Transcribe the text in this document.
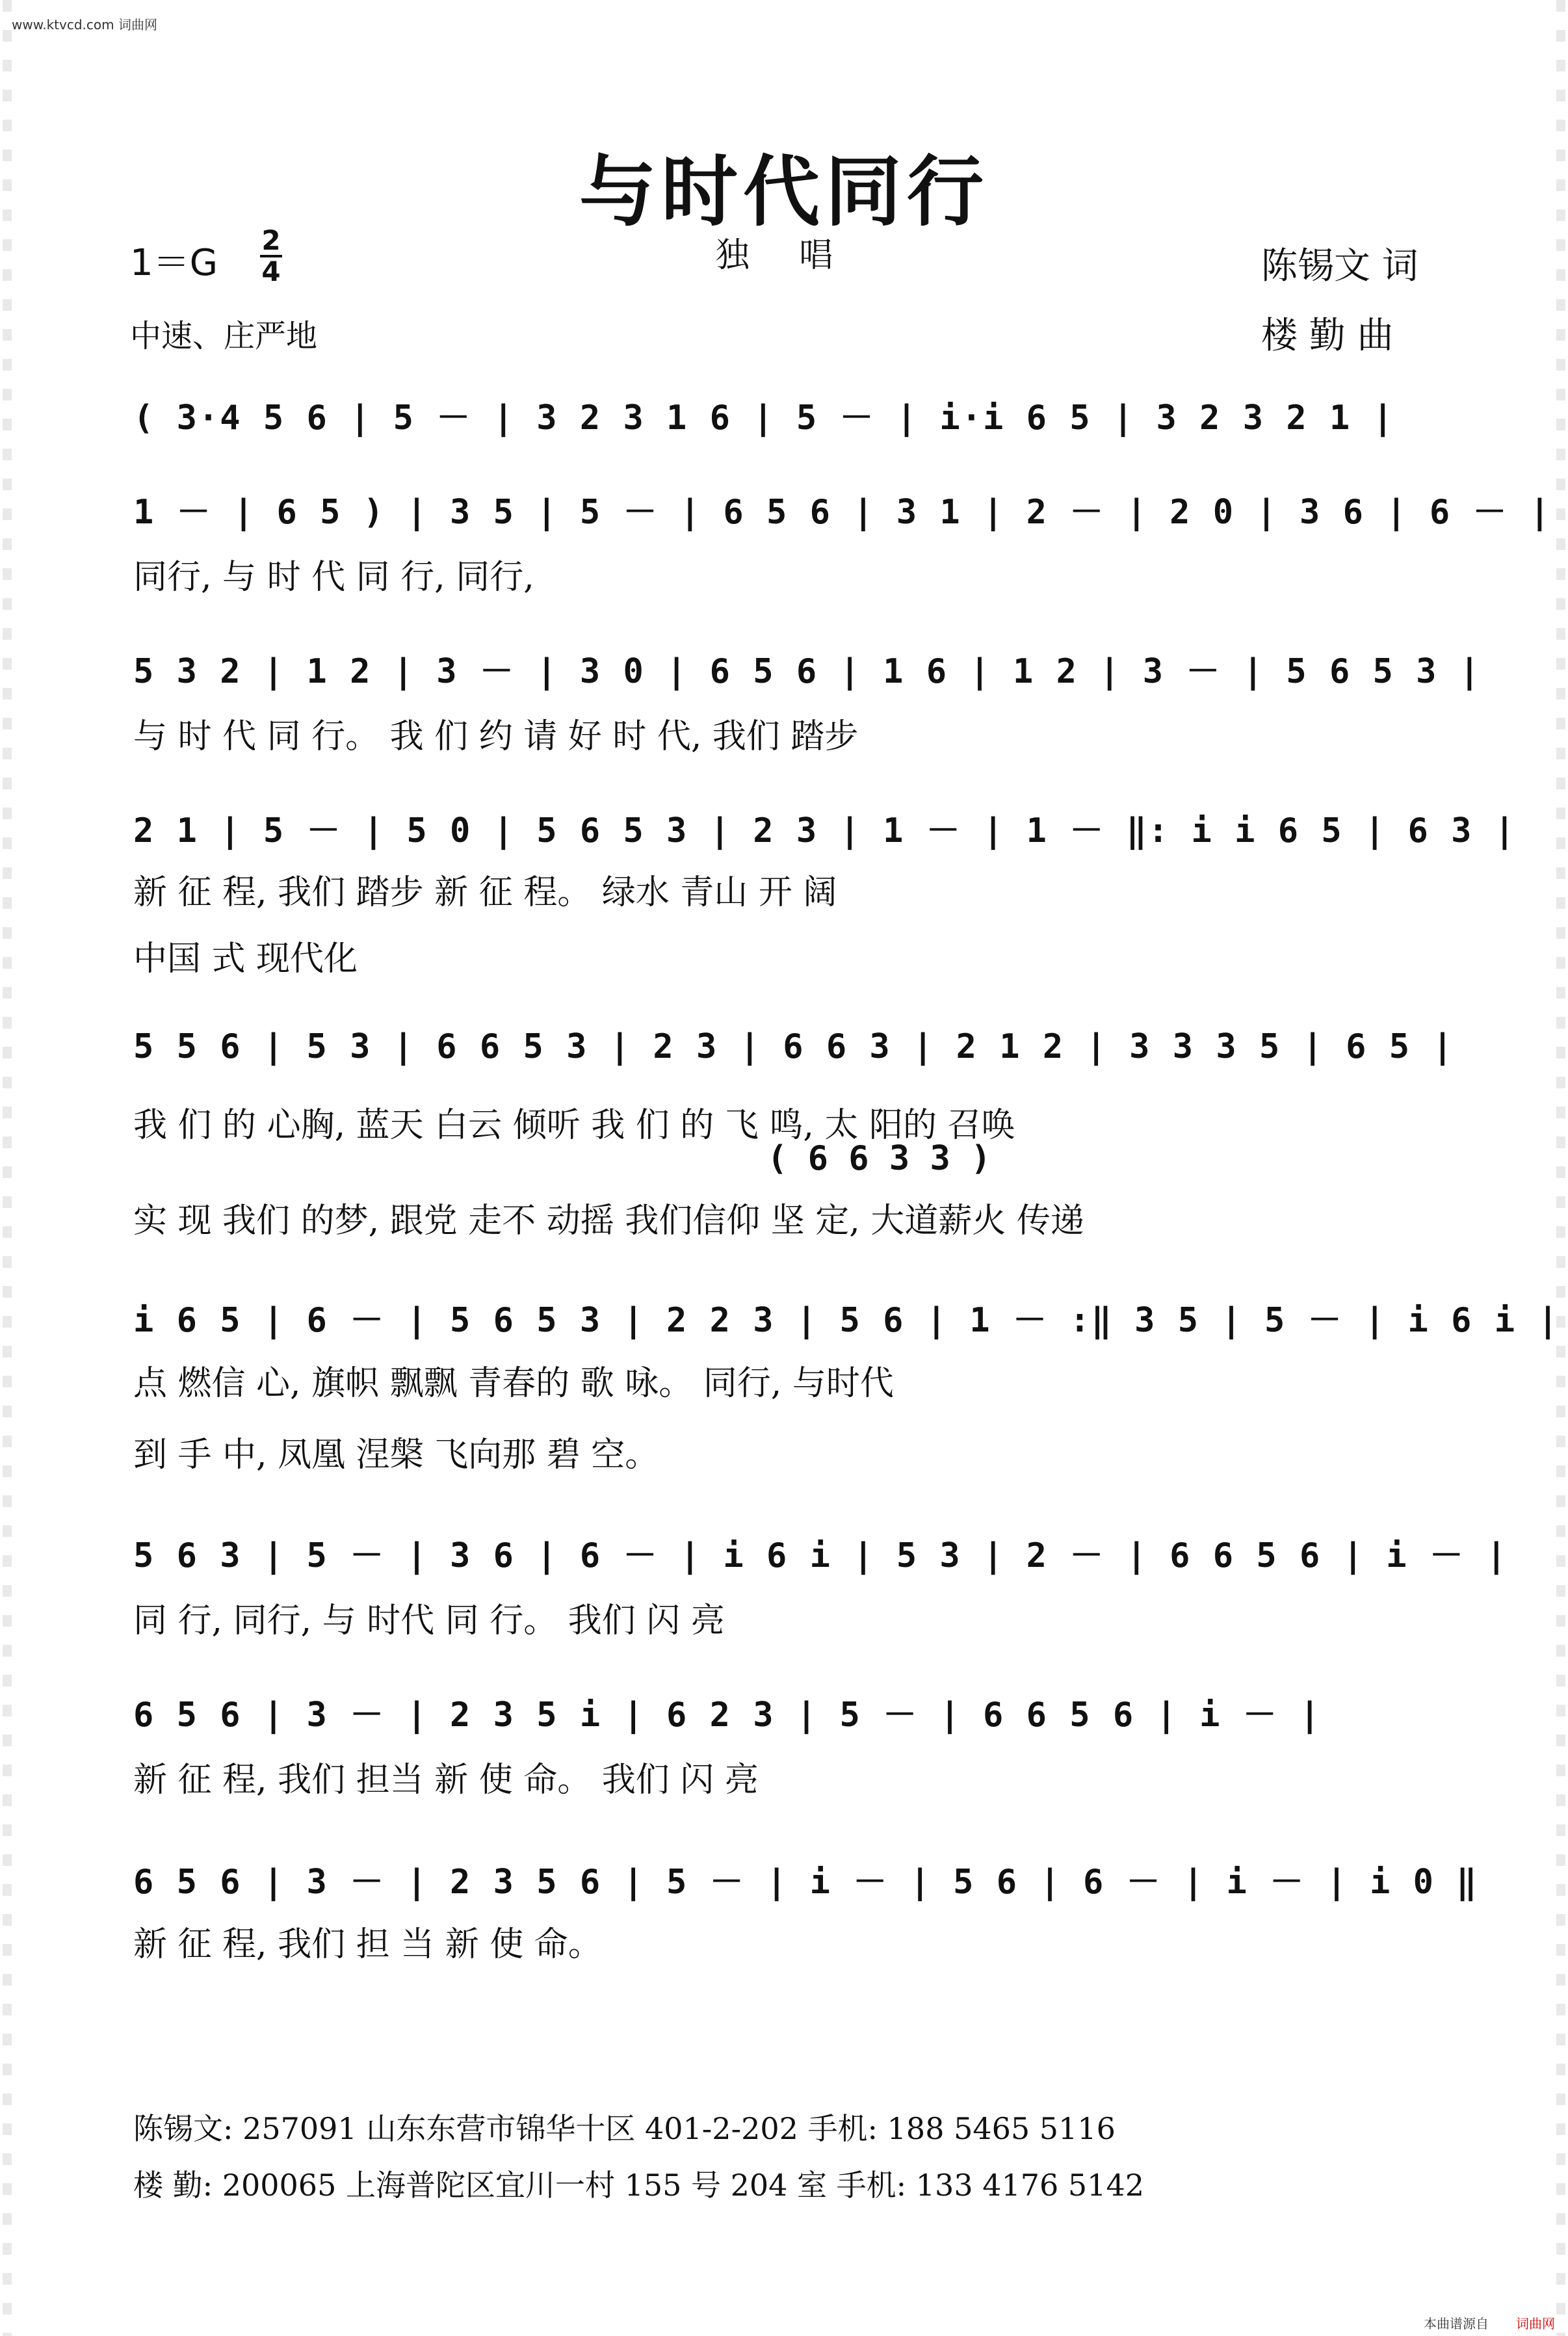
www.ktvcd.com 词曲网
与时代同行
独 唱
$1=G \frac{2}{4}$
中速、庄严地
陈锡文 词
楼 勤 曲
( 3·4 5 6 | 5 － | 3 2 3 1 6 | 5 － | i·i 6 5 | 3 2 3 2 1 |
1 － | 6 5 ) | 3 5 | 5 － | 6 5 6 | 3 1 | 2 － | 2 0 | 3 6 | 6 － |
同行, 与 时 代 同 行, 同行,
5 3 2 | 1 2 | 3 － | 3 0 | 6 5 6 | 1 6 | 1 2 | 3 － | 5 6 5 3 |
与 时 代 同 行。 我 们 约 请 好 时 代, 我们 踏步
2 1 | 5 － | 5 0 | 5 6 5 3 | 2 3 | 1 － | 1 － ‖: i i 6 5 | 6 3 |
新 征 程, 我们 踏步 新 征 程。 绿水 青山 开 阔
中国 式 现代化
5 5 6 | 5 3 | 6 6 5 3 | 2 3 | 6 6 3 | 2 1 2 | 3 3 3 5 | 6 5 |
我 们 的 心胸, 蓝天 白云 倾听 我 们 的 飞 鸣, 太 阳的 召唤
( 6 6 3 3 )
实 现 我们 的梦, 跟党 走不 动摇 我们信仰 坚 定, 大道薪火 传递
i 6 5 | 6 － | 5 6 5 3 | 2 2 3 | 5 6 | 1 － :‖ 3 5 | 5 － | i 6 i |
点 燃信 心, 旗帜 飘飘 青春的 歌 咏。 同行, 与时代
到 手 中, 凤凰 涅槃 飞向那 碧 空。
5 6 3 | 5 － | 3 6 | 6 － | i 6 i | 5 3 | 2 － | 6 6 5 6 | i － |
同 行, 同行, 与 时代 同 行。 我们 闪 亮
6 5 6 | 3 － | 2 3 5 i | 6 2 3 | 5 － | 6 6 5 6 | i － |
新 征 程, 我们 担当 新 使 命。 我们 闪 亮
6 5 6 | 3 － | 2 3 5 6 | 5 － | i － | 5 6 | 6 － | i － | i 0 ‖
新 征 程, 我们 担 当 新 使 命。
陈锡文: 257091 山东东营市锦华十区 401-2-202 手机: 188 5465 5116
楼 勤: 200065 上海普陀区宜川一村 155 号 204 室 手机: 133 4176 5142
本曲谱源自 词曲网
